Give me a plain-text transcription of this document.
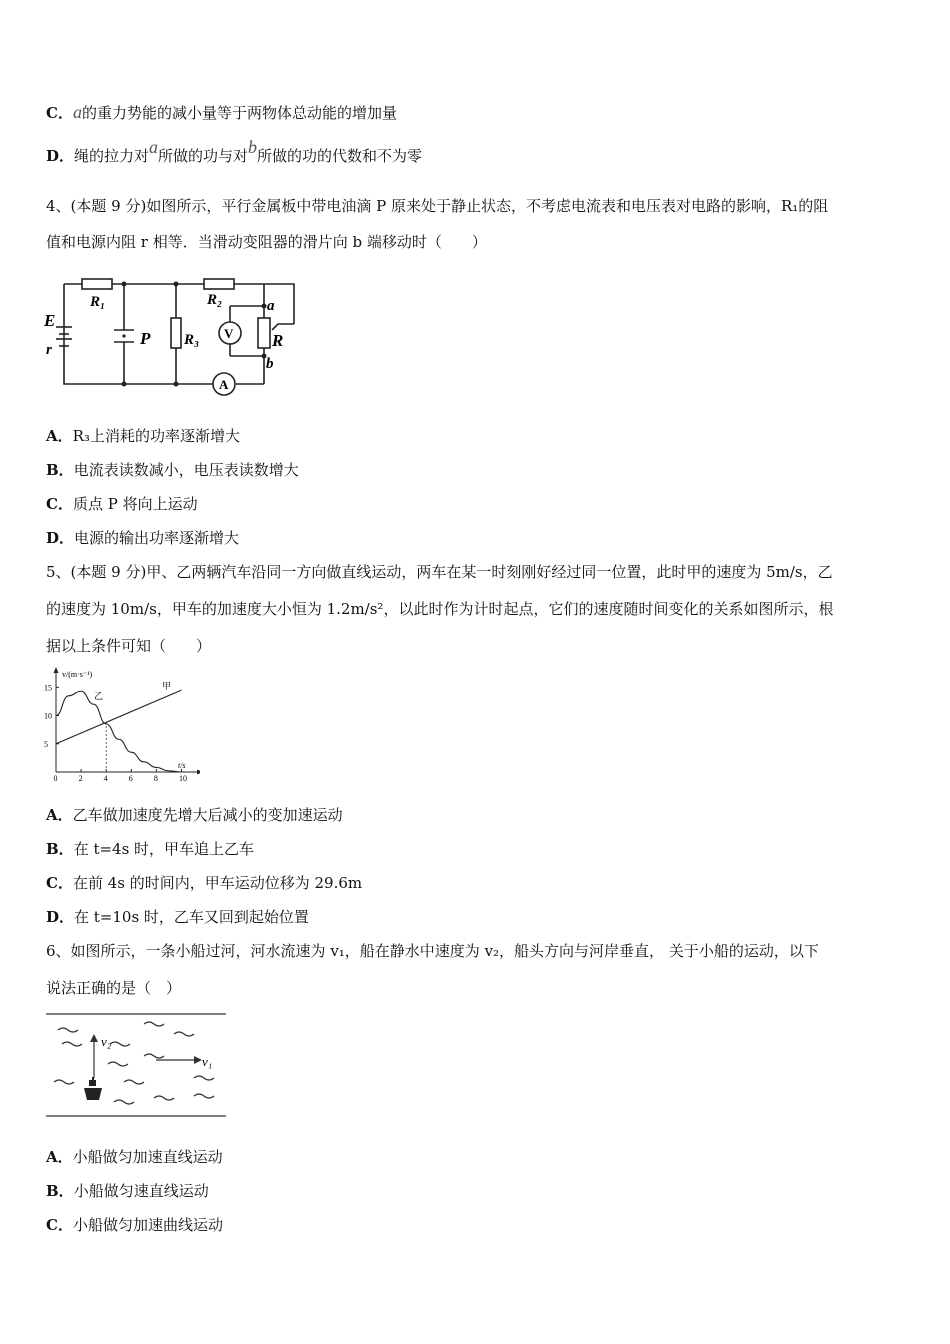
C．a的重力势能的减小量等于两物体总动能的增加量
D．绳的拉力对a所做的功与对b所做的功的代数和不为零
4、(本题 9 分)如图所示，平行金属板中带电油滴 P 原来处于静止状态，不考虑电流表和电压表对电路的影响，R₁的阻
值和电源内阻 r 相等．当滑动变阻器的滑片向 b 端移动时（　　）
R₁	R₂
E
r
P R₃
a
V R
b
A
A．R₃上消耗的功率逐渐增大
B．电流表读数减小，电压表读数增大
C．质点 P 将向上运动
D．电源的输出功率逐渐增大
5、(本题 9 分)甲、乙两辆汽车沿同一方向做直线运动，两车在某一时刻刚好经过同一位置，此时甲的速度为 5m/s，乙
的速度为 10m/s，甲车的加速度大小恒为 1.2m/s²，以此时作为计时起点，它们的速度随时间变化的关系如图所示，根
据以上条件可知（　　）
v/(m·s⁻¹)
t/s
甲
乙
0	2	4	6	8	10
5
10
15
A．乙车做加速度先增大后减小的变加速运动
B．在 t=4s 时，甲车追上乙车
C．在前 4s 的时间内，甲车运动位移为 29.6m
D．在 t=10s 时，乙车又回到起始位置
6、如图所示，一条小船过河，河水流速为 v₁，船在静水中速度为 v₂，船头方向与河岸垂直， 关于小船的运动，以下
说法正确的是（　）
v₂
v₁
A．小船做匀加速直线运动
B．小船做匀速直线运动
C．小船做匀加速曲线运动
